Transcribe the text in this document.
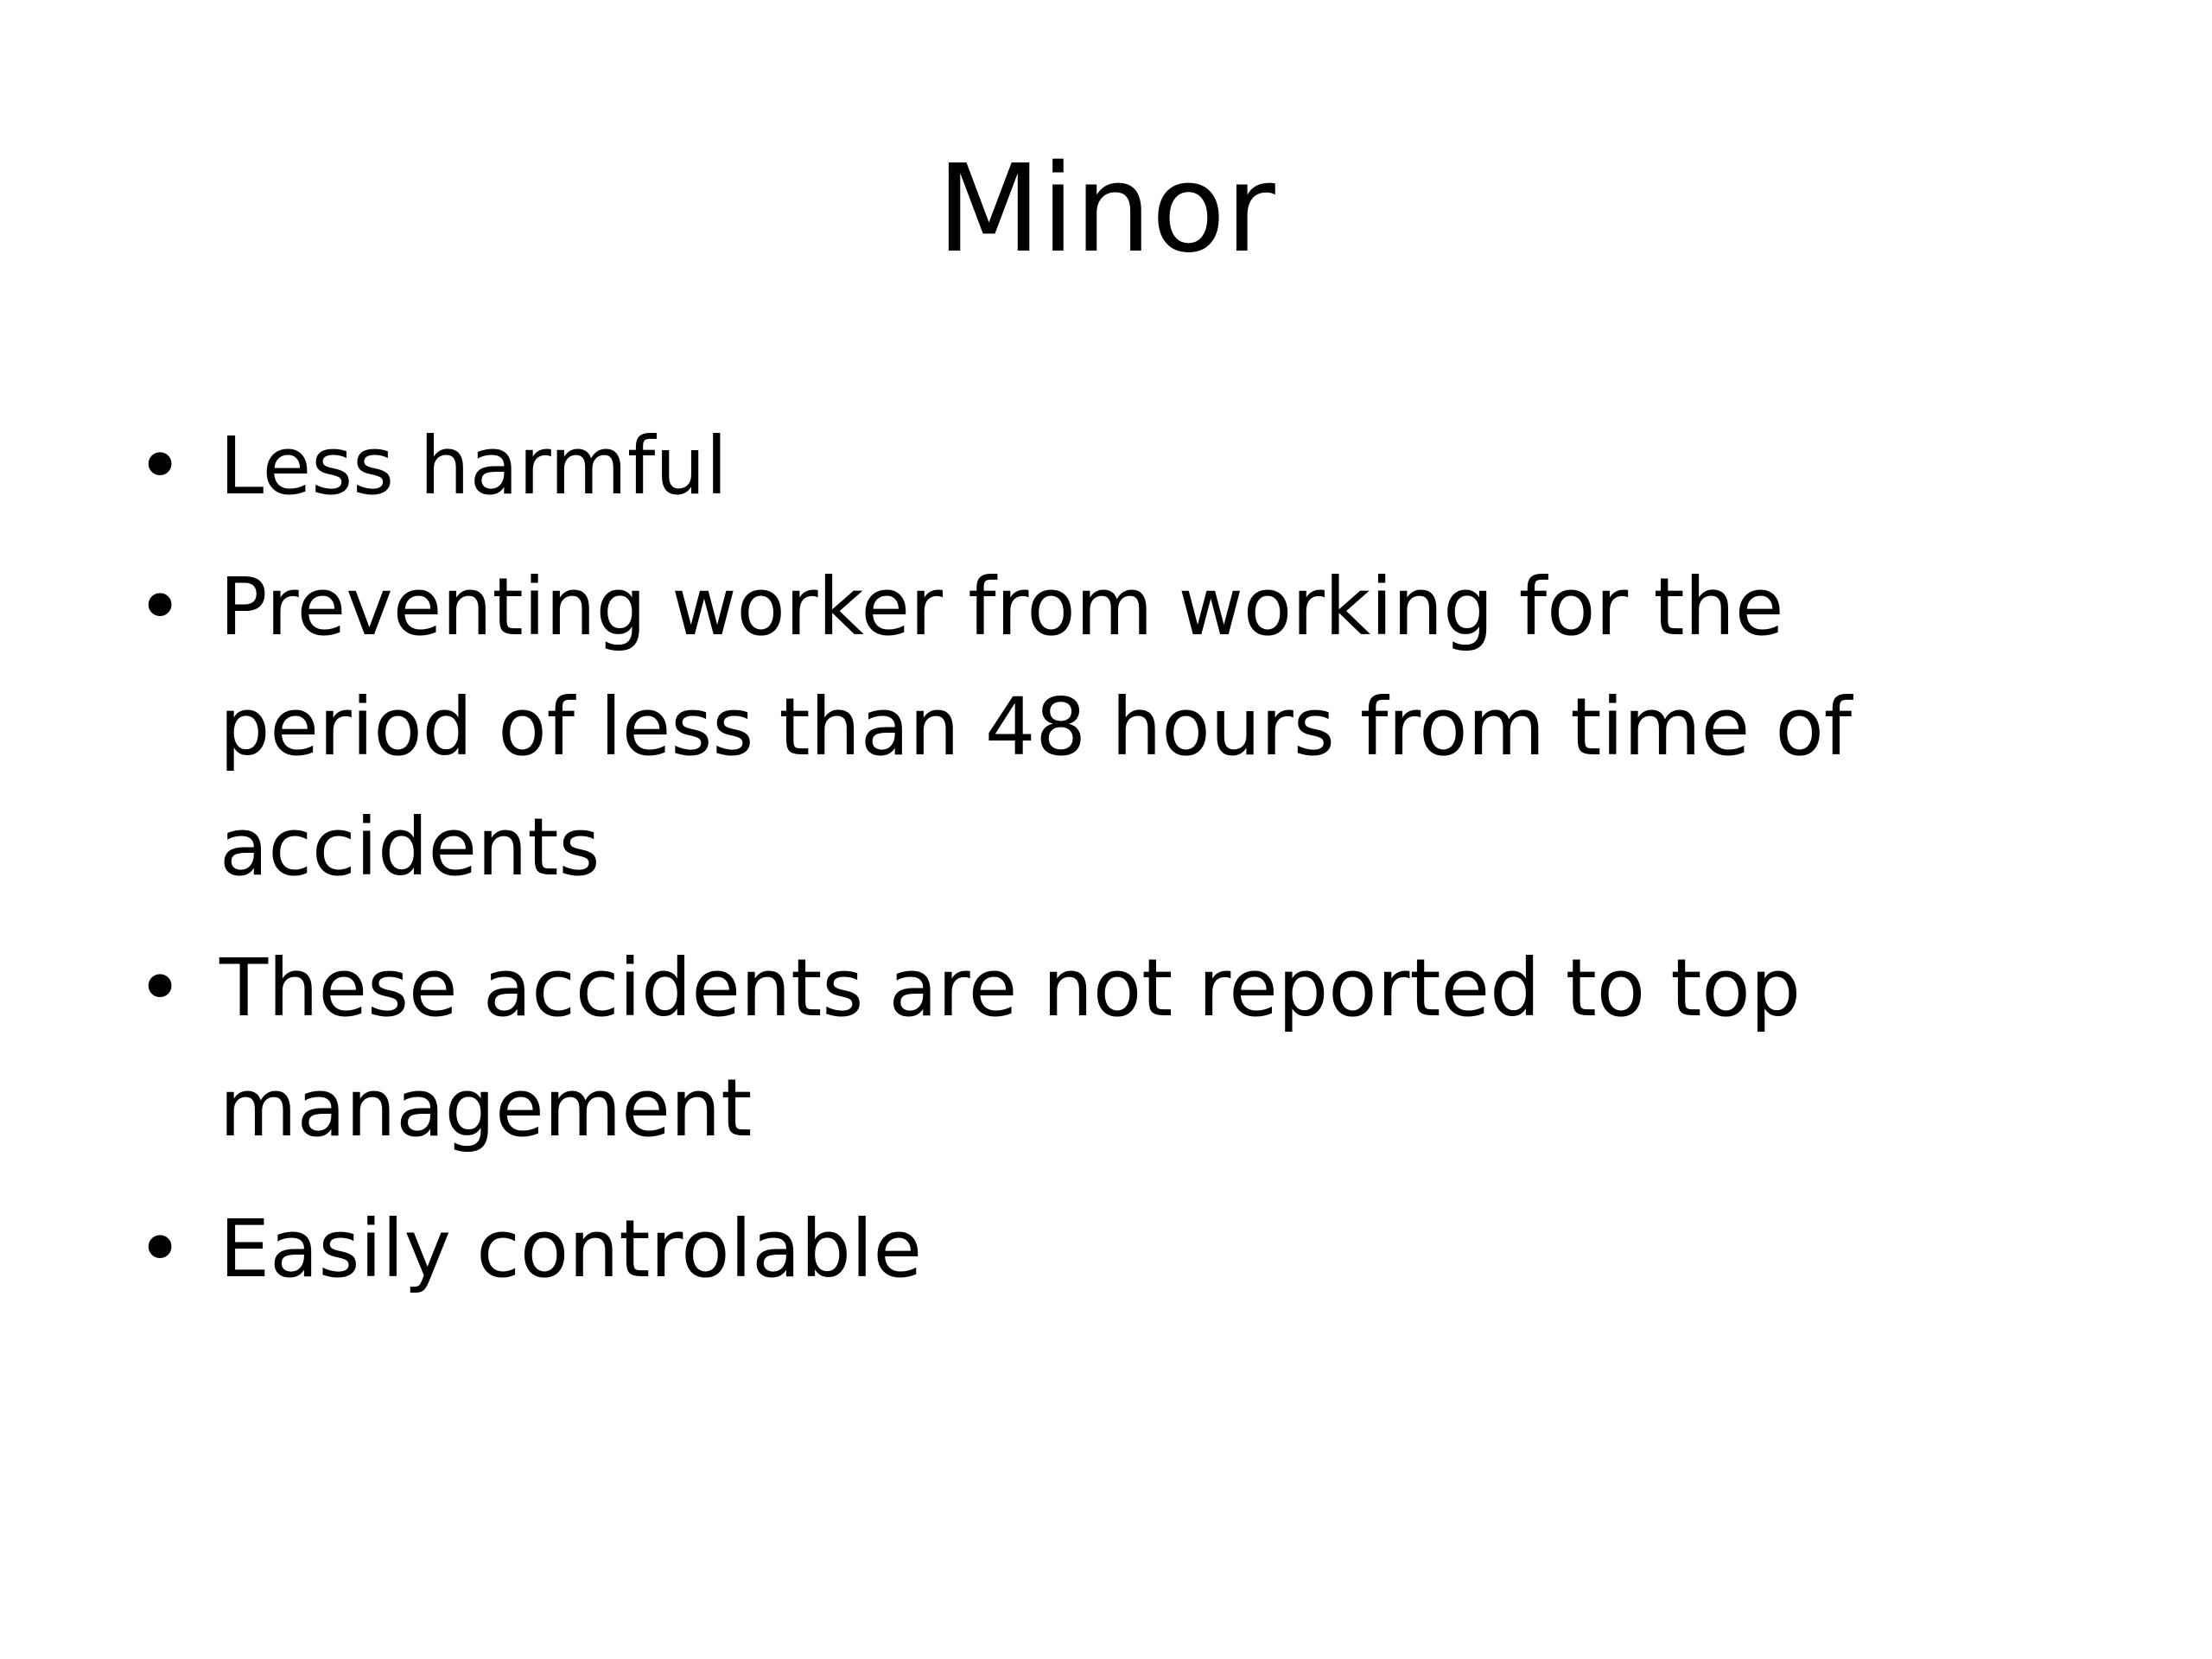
Minor
• Less harmful
• Preventing worker from working for the period of less than 48 hours from time of accidents
• These accidents are not reported to top management
• Easily controlable
